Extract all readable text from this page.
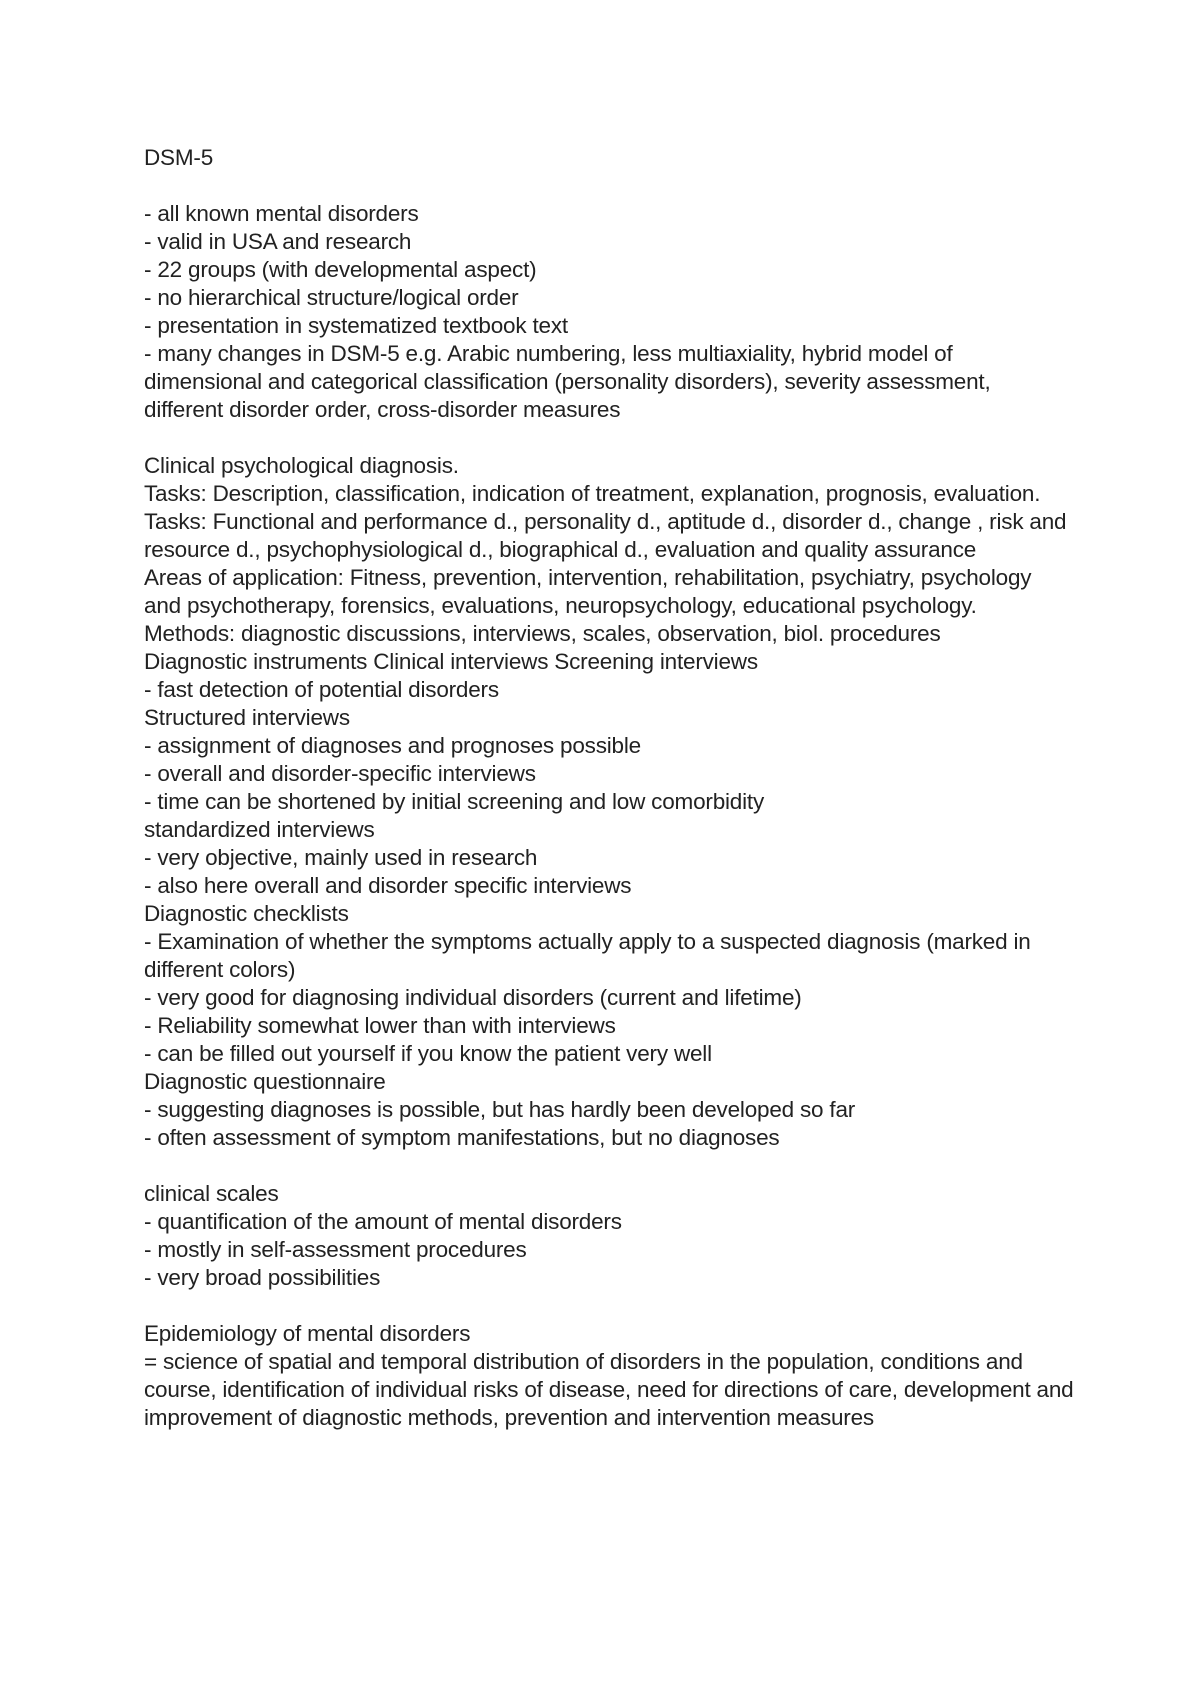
DSM-5

- all known mental disorders

- valid in USA and research

- 22 groups (with developmental aspect)

- no hierarchical structure/logical order

- presentation in systematized textbook text

- many changes in DSM-5 e.g. Arabic numbering, less multiaxiality, hybrid model of dimensional and categorical classification (personality disorders), severity assessment, different disorder order, cross-disorder measures

Clinical psychological diagnosis.

Tasks: Description, classification, indication of treatment, explanation, prognosis, evaluation.

Tasks: Functional and performance d., personality d., aptitude d., disorder d., change , risk and resource d., psychophysiological d., biographical d., evaluation and quality assurance

Areas of application: Fitness, prevention, intervention, rehabilitation, psychiatry, psychology and psychotherapy, forensics, evaluations, neuropsychology, educational psychology.

Methods: diagnostic discussions, interviews, scales, observation, biol. procedures

Diagnostic instruments Clinical interviews Screening interviews

- fast detection of potential disorders

Structured interviews

- assignment of diagnoses and prognoses possible

- overall and disorder-specific interviews

- time can be shortened by initial screening and low comorbidity

standardized interviews

- very objective, mainly used in research

- also here overall and disorder specific interviews

Diagnostic checklists

- Examination of whether the symptoms actually apply to a suspected diagnosis (marked in different colors)

- very good for diagnosing individual disorders (current and lifetime)

- Reliability somewhat lower than with interviews

- can be filled out yourself if you know the patient very well

Diagnostic questionnaire

- suggesting diagnoses is possible, but has hardly been developed so far

- often assessment of symptom manifestations, but no diagnoses

clinical scales

- quantification of the amount of mental disorders

- mostly in self-assessment procedures

- very broad possibilities

Epidemiology of mental disorders

= science of spatial and temporal distribution of disorders in the population, conditions and course, identification of individual risks of disease, need for directions of care, development and improvement of diagnostic methods, prevention and intervention measures
